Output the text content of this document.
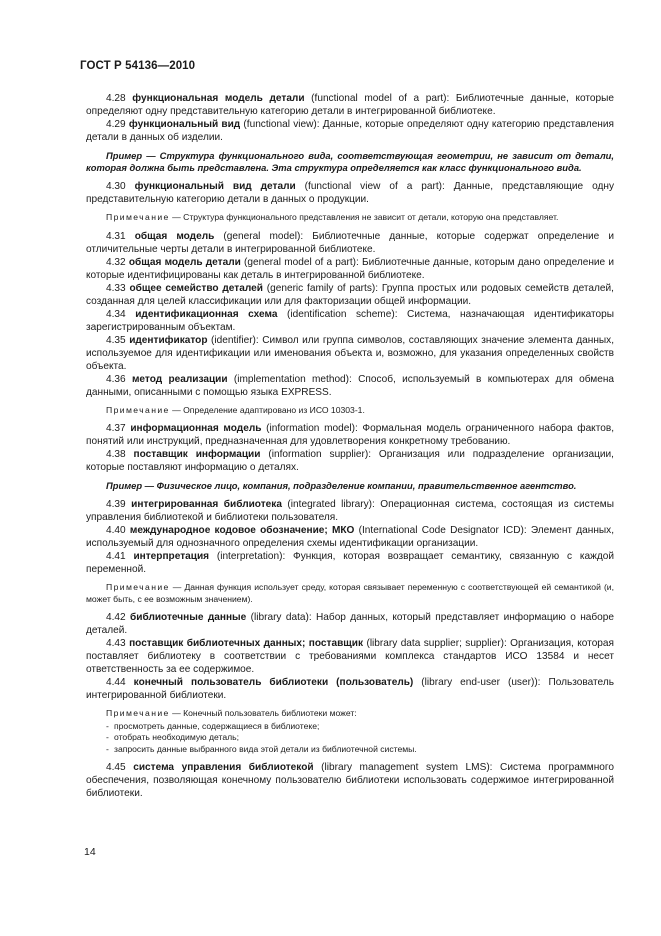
ГОСТ Р 54136—2010

4.28 функциональная модель детали (functional model of a part): Библиотечные данные, которые определяют одну представительную категорию детали в интегрированной библиотеке.

4.29 функциональный вид (functional view): Данные, которые определяют одну категорию представления детали в данных об изделии.

Пример — Структура функционального вида, соответствующая геометрии, не зависит от детали, которая должна быть представлена. Эта структура определяется как класс функционального вида.

4.30 функциональный вид детали (functional view of a part): Данные, представляющие одну представительную категорию детали в данных о продукции.

Примечание — Структура функционального представления не зависит от детали, которую она представляет.

4.31 общая модель (general model): Библиотечные данные, которые содержат определение и отличительные черты детали в интегрированной библиотеке.

4.32 общая модель детали (general model of a part): Библиотечные данные, которым дано определение и которые идентифицированы как деталь в интегрированной библиотеке.

4.33 общее семейство деталей (generic family of parts): Группа простых или родовых семейств деталей, созданная для целей классификации или для факторизации общей информации.

4.34 идентификационная схема (identification scheme): Система, назначающая идентификаторы зарегистрированным объектам.

4.35 идентификатор (identifier): Символ или группа символов, составляющих значение элемента данных, используемое для идентификации или именования объекта и, возможно, для указания определенных свойств объекта.

4.36 метод реализации (implementation method): Способ, используемый в компьютерах для обмена данными, описанными с помощью языка EXPRESS.

Примечание — Определение адаптировано из ИСО 10303-1.

4.37 информационная модель (information model): Формальная модель ограниченного набора фактов, понятий или инструкций, предназначенная для удовлетворения конкретному требованию.

4.38 поставщик информации (information supplier): Организация или подразделение организации, которые поставляют информацию о деталях.

Пример — Физическое лицо, компания, подразделение компании, правительственное агентство.

4.39 интегрированная библиотека (integrated library): Операционная система, состоящая из системы управления библиотекой и библиотеки пользователя.

4.40 международное кодовое обозначение; МКО (International Code Designator ICD): Элемент данных, используемый для однозначного определения схемы идентификации организации.

4.41 интерпретация (interpretation): Функция, которая возвращает семантику, связанную с каждой переменной.

Примечание — Данная функция использует среду, которая связывает переменную с соответствующей ей семантикой (и, может быть, с ее возможным значением).

4.42 библиотечные данные (library data): Набор данных, который представляет информацию о наборе деталей.

4.43 поставщик библиотечных данных; поставщик (library data supplier; supplier): Организация, которая поставляет библиотеку в соответствии с требованиями комплекса стандартов ИСО 13584 и несет ответственность за ее содержимое.

4.44 конечный пользователь библиотеки (пользователь) (library end-user (user)): Пользователь интегрированной библиотеки.

Примечание — Конечный пользователь библиотеки может:

- просмотреть данные, содержащиеся в библиотеке;
- отобрать необходимую деталь;
- запросить данные выбранного вида этой детали из библиотечной системы.

4.45 система управления библиотекой (library management system LMS): Система программного обеспечения, позволяющая конечному пользователю библиотеки использовать содержимое интегрированной библиотеки.

14
